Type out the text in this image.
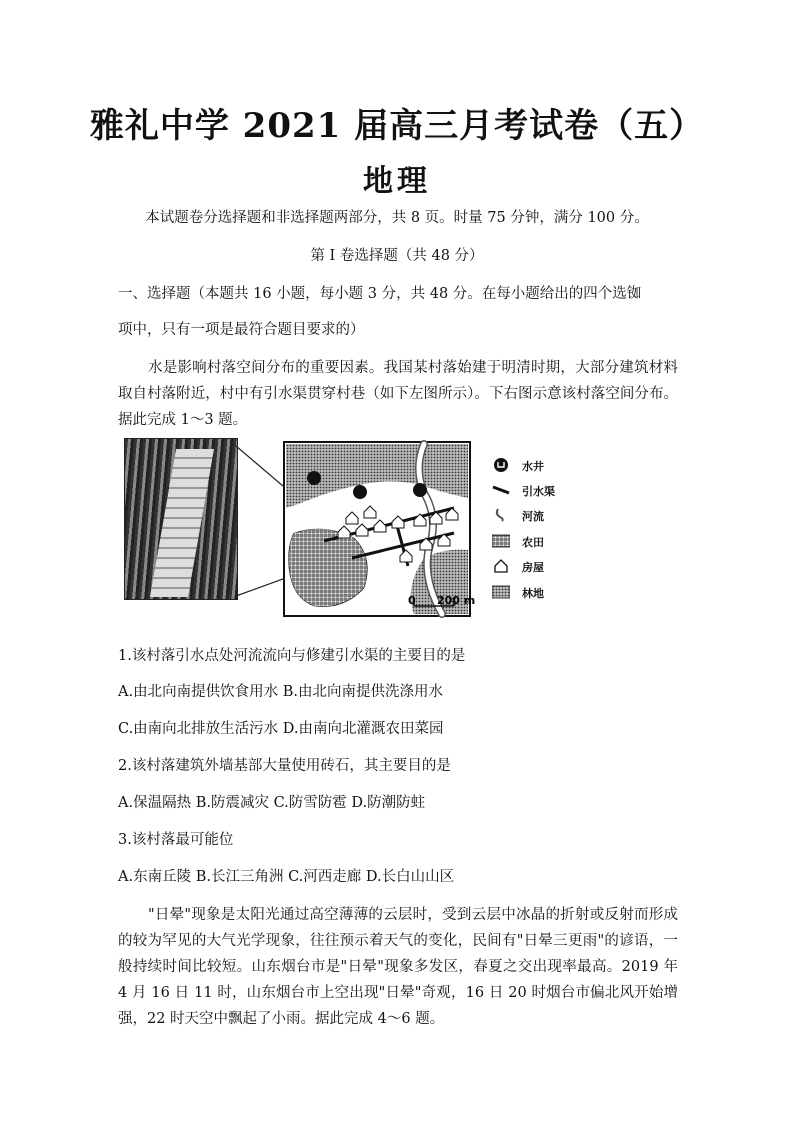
雅礼中学 2021 届高三月考试卷（五）
地理
本试题卷分选择题和非选择题两部分，共 8 页。时量 75 分钟，满分 100 分。
第 I 卷选择题（共 48 分）
一、选择题（本题共 16 小题，每小题 3 分，共 48 分。在每小题给出的四个选铷
项中，只有一项是最符合题目要求的）
水是影响村落空间分布的重要因素。我国某村落始建于明清时期，大部分建筑材料取自村落附近，村中有引水渠贯穿村巷（如下左图所示）。下右图示意该村落空间分布。据此完成 1～3 题。
0 200 m
水井
引水渠
河流
农田
房屋
林地
1.该村落引水点处河流流向与修建引水渠的主要目的是
A.由北向南提供饮食用水 B.由北向南提供洗涤用水
C.由南向北排放生活污水 D.由南向北灌溉农田菜园
2.该村落建筑外墙基部大量使用砖石，其主要目的是
A.保温隔热 B.防震减灾 C.防雪防雹 D.防潮防蛀
3.该村落最可能位
A.东南丘陵 B.长江三角洲 C.河西走廊 D.长白山山区
"日晕"现象是太阳光通过高空薄薄的云层时，受到云层中冰晶的折射或反射而形成的较为罕见的大气光学现象，往往预示着天气的变化，民间有"日晕三更雨"的谚语，一般持续时间比较短。山东烟台市是"日晕"现象多发区，春夏之交出现率最高。2019 年 4 月 16 日 11 时，山东烟台市上空出现"日晕"奇观，16 日 20 时烟台市偏北风开始增强，22 时天空中飘起了小雨。据此完成 4～6 题。
